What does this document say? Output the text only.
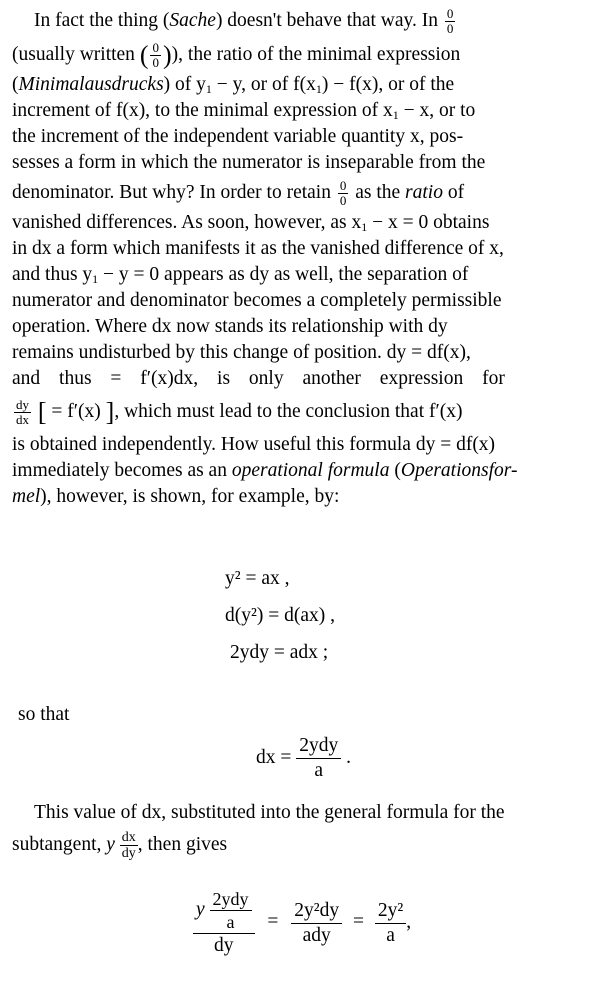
In fact the thing (Sache) doesn't behave that way. In $\frac{0}{0}$
(usually written ( $\frac{0}{0}$ )), the ratio of the minimal expression
(Minimalausdrucks) of $y_1 - y$, or of $f(x_1) - f(x)$, or of the
increment of f(x), to the minimal expression of $x_1 - x$, or to
the increment of the independent variable quantity x, pos-
sesses a form in which the numerator is inseparable from the
denominator. But why? In order to retain $\frac{0}{0}$ as the ratio of
vanished differences. As soon, however, as $x_1 - x = 0$ obtains
in dx a form which manifests it as the vanished difference of x,
and thus $y_1 - y = 0$ appears as dy as well, the separation of
numerator and denominator becomes a completely permissible
operation. Where dx now stands its relationship with dy
remains undisturbed by this change of position. dy = df(x),
and thus = f′(x)dx, is only another expression for
$\frac{dy}{dx}$ [ = f′(x) ], which must lead to the conclusion that f′(x)
is obtained independently. How useful this formula dy = df(x)
immediately becomes as an operational formula (Operationsfor-
mel), however, is shown, for example, by:
y² = ax ,
d(y²) = d(ax) ,
2ydy = adx ;
so that
dx = $\frac{\text{2ydy}}{a}$ .
This value of dx, substituted into the general formula for the
subtangent, y $\frac{dx}{dy}$ , then gives
$\frac{y \frac{\text{2ydy}}{a}}{dy} = \frac{\text{2y²dy}}{\text{ady}} = \frac{\text{2y²}}{a}$ ,
